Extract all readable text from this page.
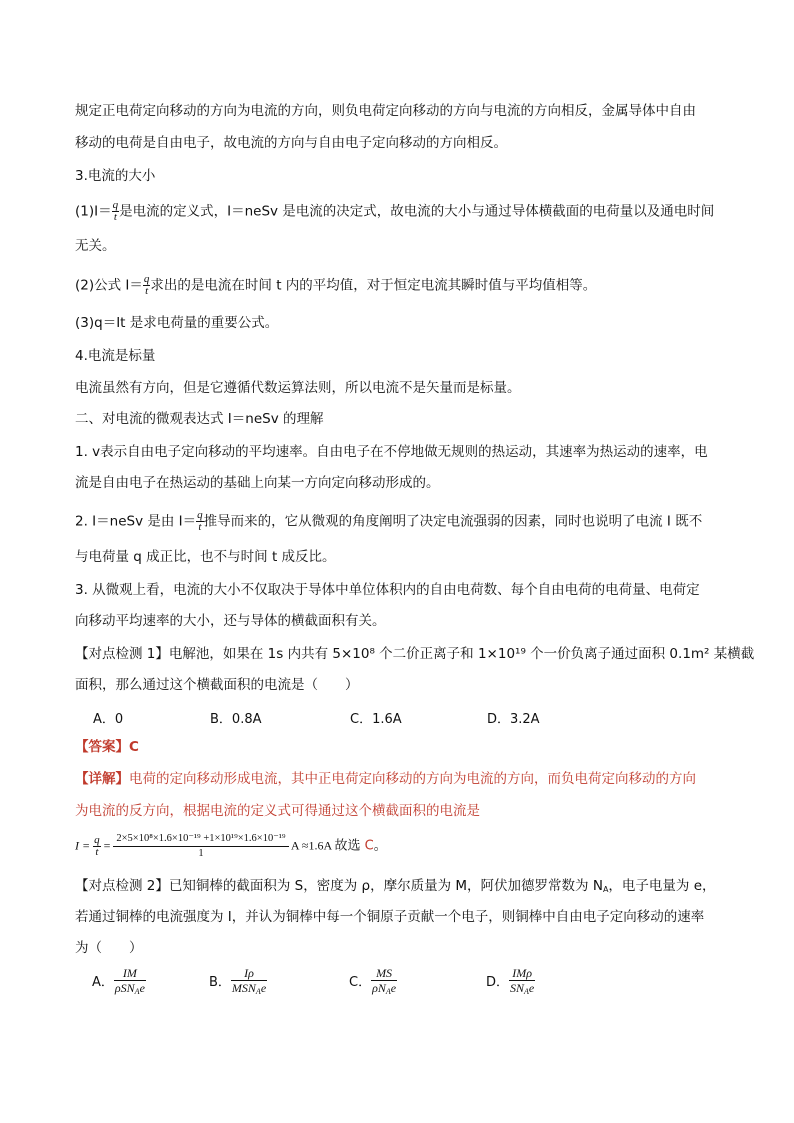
规定正电荷定向移动的方向为电流的方向，则负电荷定向移动的方向与电流的方向相反，金属导体中自由
移动的电荷是自由电子，故电流的方向与自由电子定向移动的方向相反。
3.电流的大小
$(1)I= \frac{q}{t}$ 是电流的定义式，I＝neSv 是电流的决定式，故电流的大小与通过导体横截面的电荷量以及通电时间
无关。
(2)公式 $I= \frac{q}{t}$ 求出的是电流在时间 t 内的平均值，对于恒定电流其瞬时值与平均值相等。
(3)q＝It 是求电荷量的重要公式。
4.电流是标量
电流虽然有方向，但是它遵循代数运算法则，所以电流不是矢量而是标量。
二、对电流的微观表达式 I＝neSv 的理解
1. v表示自由电子定向移动的平均速率。自由电子在不停地做无规则的热运动，其速率为热运动的速率，电
流是自由电子在热运动的基础上向某一方向定向移动形成的。
2. I＝neSv 是由 $I= \frac{q}{t}$ 推导而来的，它从微观的角度阐明了决定电流强弱的因素，同时也说明了电流 I 既不
与电荷量 q 成正比，也不与时间 t 成反比。
3. 从微观上看，电流的大小不仅取决于导体中单位体积内的自由电荷数、每个自由电荷的电荷量、电荷定
向移动平均速率的大小，还与导体的横截面积有关。
【对点检测 1】电解池，如果在 1s 内共有 5×10⁸ 个二价正离子和 1×10¹⁹ 个一价负离子通过面积 0.1m² 某横截
面积，那么通过这个横截面积的电流是（　　）
A．0	B．0.8A	C．1.6A	D．3.2A
【答案】C
【详解】电荷的定向移动形成电流，其中正电荷定向移动的方向为电流的方向，而负电荷定向移动的方向
为电流的反方向，根据电流的定义式可得通过这个横截面积的电流是
$I = \frac{q}{t} = \frac{\text{2×5×10⁸×1.6×10⁻¹⁹ +1×10¹⁹×1.6×10⁻¹⁹}}{1}$ A ≈1.6A 故选 C。
【对点检测 2】已知铜棒的截面积为 S，密度为 ρ，摩尔质量为 M，阿伏加德罗常数为 $N_A$，电子电量为 e，
若通过铜棒的电流强度为 I，并认为铜棒中每一个铜原子贡献一个电子，则铜棒中自由电子定向移动的速率
为（　　）
A． $\frac{IM}{\rho SN_Ae}$	B． $\frac{I\rho}{MSN_Ae}$	C． $\frac{MS}{\rho N_Ae}$	D． $\frac{\text{IMρ}}{SN_Ae}$
